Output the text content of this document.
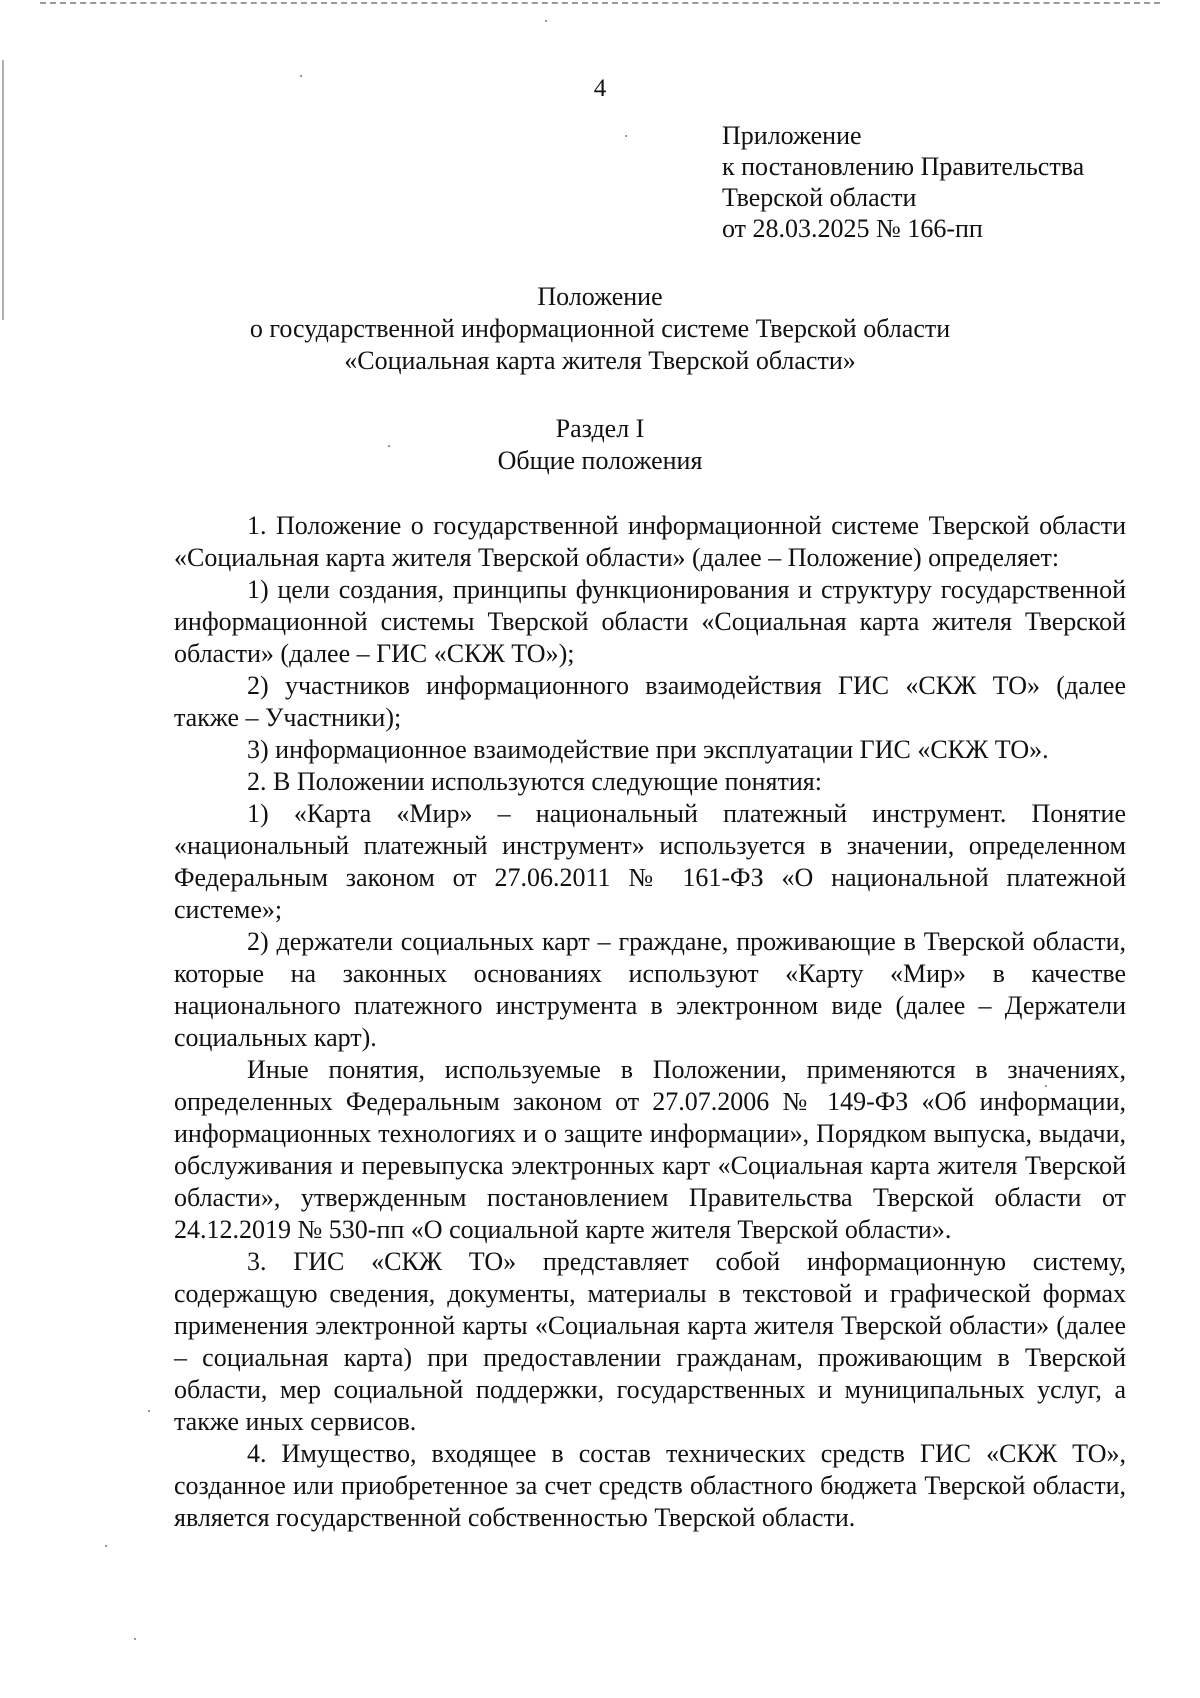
4
Приложение
к постановлению Правительства
Тверской области
от 28.03.2025 № 166-пп
Положение
о государственной информационной системе Тверской области
«Социальная карта жителя Тверской области»
Раздел I
Общие положения

1. Положение о государственной информационной системе Тверской области «Социальная карта жителя Тверской области» (далее – Положение) определяет:

1) цели создания, принципы функционирования и структуру государственной информационной системы Тверской области «Социальная карта жителя Тверской области» (далее – ГИС «СКЖ ТО»);

2) участников информационного взаимодействия ГИС «СКЖ ТО» (далее также – Участники);

3) информационное взаимодействие при эксплуатации ГИС «СКЖ ТО».

2. В Положении используются следующие понятия:

1) «Карта «Мир» – национальный платежный инструмент. Понятие «национальный платежный инструмент» используется в значении, определенном Федеральным законом от 27.06.2011 № 161-ФЗ «О национальной платежной системе»;

2) держатели социальных карт – граждане, проживающие в Тверской области, которые на законных основаниях используют «Карту «Мир» в качестве национального платежного инструмента в электронном виде (далее – Держатели социальных карт).

Иные понятия, используемые в Положении, применяются в значениях, определенных Федеральным законом от 27.07.2006 № 149-ФЗ «Об информации, информационных технологиях и о защите информации», Порядком выпуска, выдачи, обслуживания и перевыпуска электронных карт «Социальная карта жителя Тверской области», утвержденным постановлением Правительства Тверской области от 24.12.2019 № 530-пп «О социальной карте жителя Тверской области».

3. ГИС «СКЖ ТО» представляет собой информационную систему, содержащую сведения, документы, материалы в текстовой и графической формах применения электронной карты «Социальная карта жителя Тверской области» (далее – социальная карта) при предоставлении гражданам, проживающим в Тверской области, мер социальной поддержки, государственных и муниципальных услуг, а также иных сервисов.

4. Имущество, входящее в состав технических средств ГИС «СКЖ ТО», созданное или приобретенное за счет средств областного бюджета Тверской области, является государственной собственностью Тверской области.
